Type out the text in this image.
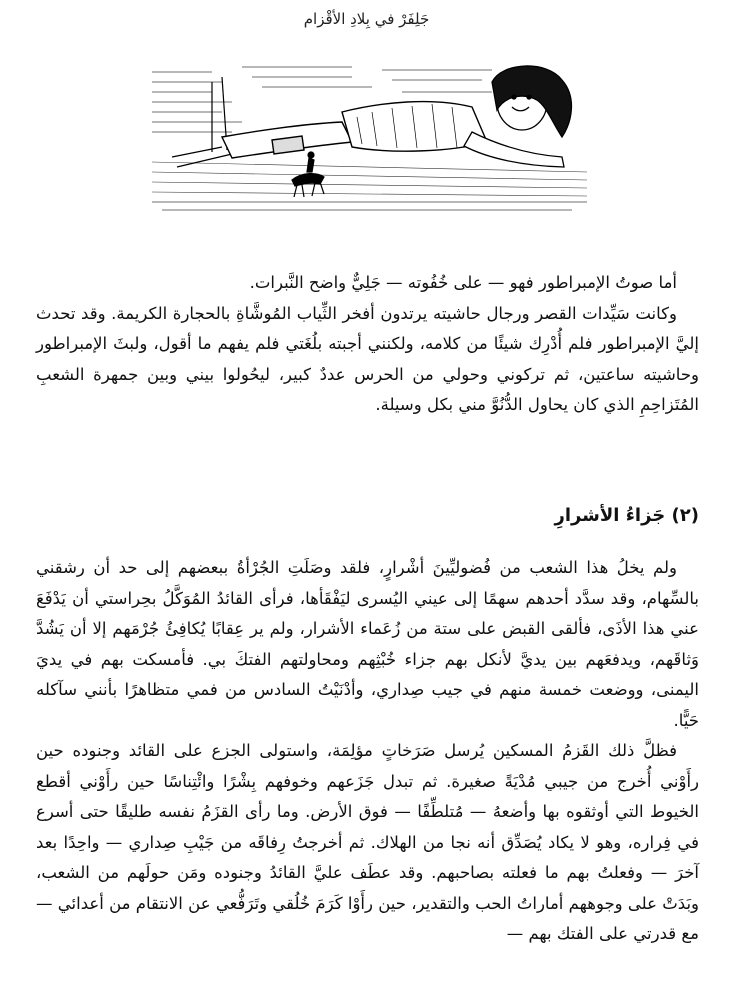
جَلِفَرْ في بِلادِ الأقْزام

أما صوتُ الإمبراطور فهو — على خُفُوته — جَلِيٌّ واضح النَّبرات.

وكانت سَيِّدات القصر ورجال حاشيته يرتدون أفخر الثِّياب المُوشَّاةِ بالحجارة الكريمة. وقد تحدث إليَّ الإمبراطور فلم أُدْرِك شيئًا من كلامه، ولكنني أجبته بلُغَتي فلم يفهم ما أقول، ولبثَ الإمبراطور وحاشيته ساعتين، ثم تركوني وحولي من الحرس عددٌ كبير، ليحُولوا بيني وبين جمهرة الشعبِ المُتَزاحِمِ الذي كان يحاول الدُّنُوَّ مني بكل وسيلة.

(٢) جَزاءُ الأشرارِ

ولم يخلُ هذا الشعب من فُضوليِّينَ أشْرارٍ، فلقد وصَلَتِ الجُرْأةُ ببعضهم إلى حد أن رشقني بالسِّهام، وقد سدَّد أحدهم سهمًا إلى عيني اليُسرى ليَفْقَأها، فرأى القائدُ المُوَكَّلُ بحِراستي أن يَدْفَعَ عني هذا الأذَى، فألقى القبض على ستة من زُعَماء الأشرار، ولم ير عِقابًا يُكافِئُ جُرْمَهم إلا أن يَشُدَّ وَثاقَهم، ويدفعَهم بين يديَّ لأنكل بهم جزاء خُبْثِهم ومحاولتهم الفتكَ بي. فأمسكت بهم في يديَ اليمنى، ووضعت خمسة منهم في جيب صِداري، وأدْنَيْتُ السادس من فمي متظاهرًا بأنني سآكله حَيًّا.

فظلَّ ذلك القَزمُ المسكين يُرسل صَرَخاتٍ مؤلِمَة، واستولى الجزع على القائد وجنوده حين رأَوْني أُخرج من جيبي مُدْيَةً صغيرة. ثم تبدل جَزَعهم وخوفهم بِشْرًا وائْتِناسًا حين رأَوْني أقطع الخيوط التي أوثقوه بها وأضعهُ — مُتلطِّفًا — فوق الأرض. وما رأى القزَمُ نفسه طليقًا حتى أسرع في فِراره، وهو لا يكاد يُصَدِّق أنه نجا من الهلاك. ثم أخرجتُ رِفاقَه من جَيْبِ صِداري — واحِدًا بعد آخرَ — وفعلتُ بهم ما فعلته بصاحبهم. وقد عطَف عليَّ القائدُ وجنوده ومَن حولَهم من الشعب، وبَدَتْ على وجوههم أماراتُ الحب والتقدير، حين رأَوْا كَرَمَ خُلُقي وتَرَفُّعي عن الانتقام من أعدائي — مع قدرتي على الفتك بهم —
